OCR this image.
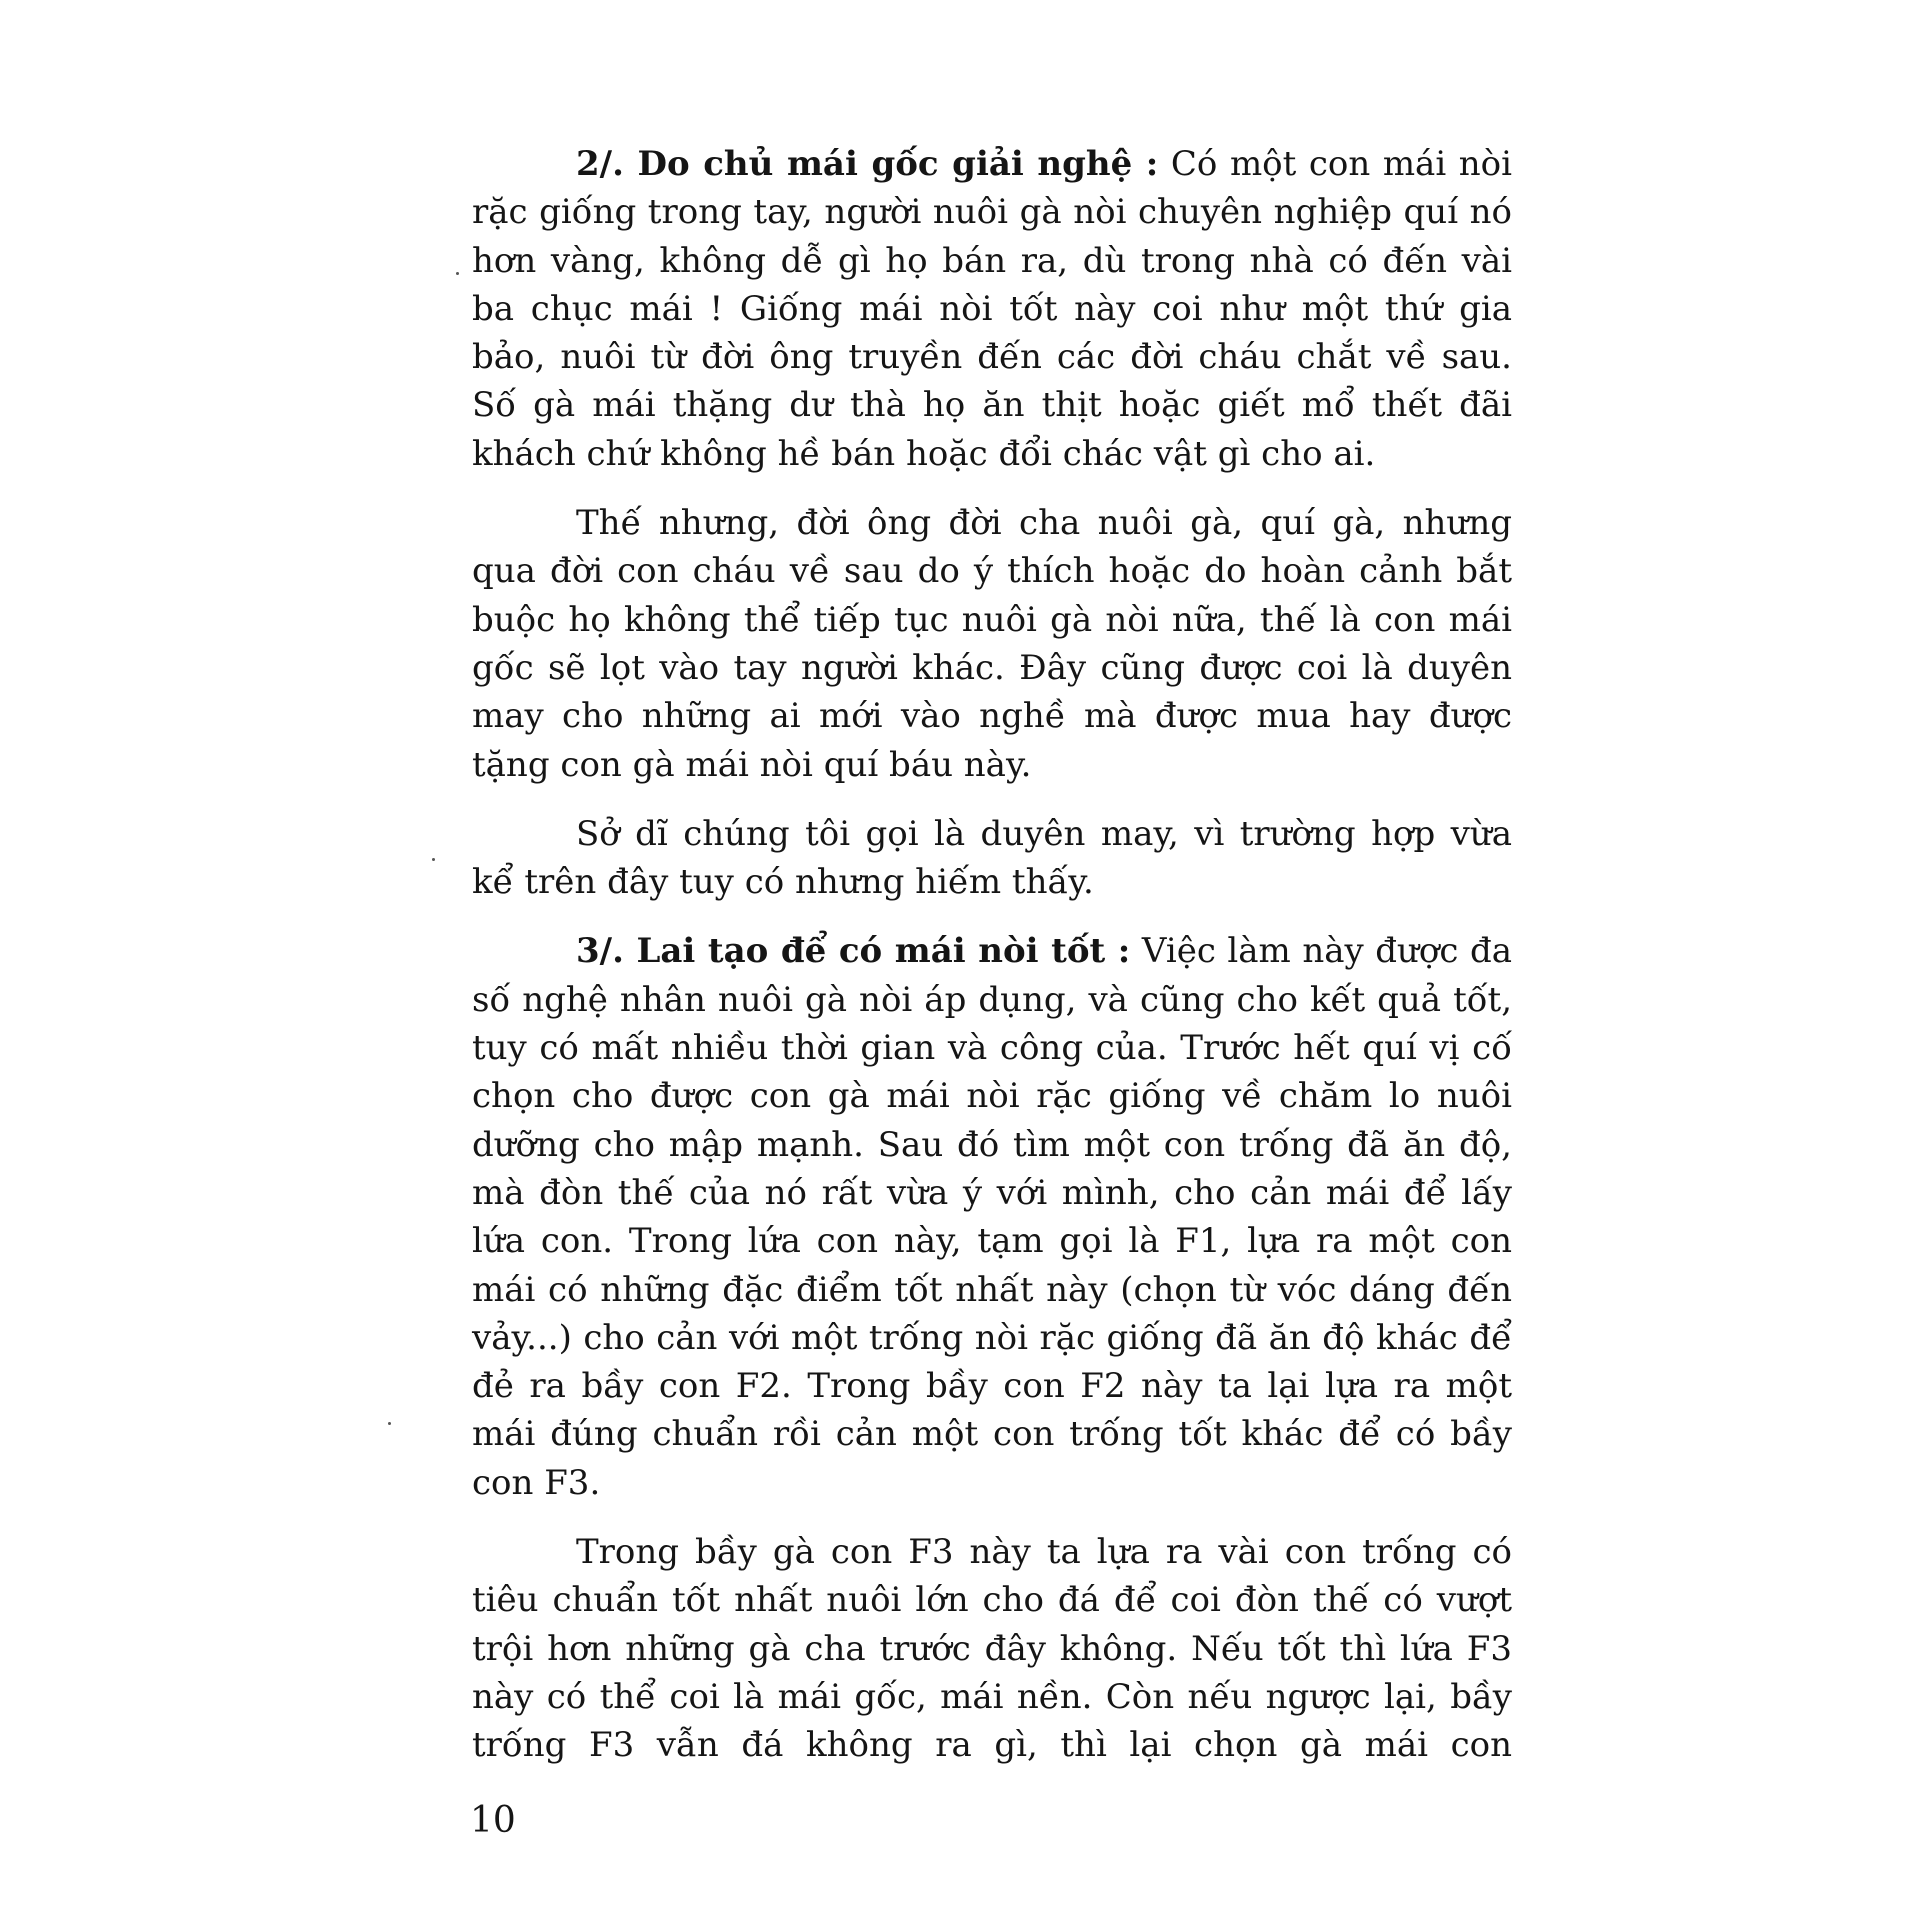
2/. Do chủ mái gốc giải nghệ : Có một con mái nòi rặc giống trong tay, người nuôi gà nòi chuyên nghiệp quí nó hơn vàng, không dễ gì họ bán ra, dù trong nhà có đến vài ba chục mái ! Giống mái nòi tốt này coi như một thứ gia bảo, nuôi từ đời ông truyền đến các đời cháu chắt về sau. Số gà mái thặng dư thà họ ăn thịt hoặc giết mổ thết đãi khách chứ không hề bán hoặc đổi chác vật gì cho ai.

Thế nhưng, đời ông đời cha nuôi gà, quí gà, nhưng qua đời con cháu về sau do ý thích hoặc do hoàn cảnh bắt buộc họ không thể tiếp tục nuôi gà nòi nữa, thế là con mái gốc sẽ lọt vào tay người khác. Đây cũng được coi là duyên may cho những ai mới vào nghề mà được mua hay được tặng con gà mái nòi quí báu này.

Sở dĩ chúng tôi gọi là duyên may, vì trường hợp vừa kể trên đây tuy có nhưng hiếm thấy.

3/. Lai tạo để có mái nòi tốt : Việc làm này được đa số nghệ nhân nuôi gà nòi áp dụng, và cũng cho kết quả tốt, tuy có mất nhiều thời gian và công của. Trước hết quí vị cố chọn cho được con gà mái nòi rặc giống về chăm lo nuôi dưỡng cho mập mạnh. Sau đó tìm một con trống đã ăn độ, mà đòn thế của nó rất vừa ý với mình, cho cản mái để lấy lứa con. Trong lứa con này, tạm gọi là F1, lựa ra một con mái có những đặc điểm tốt nhất này (chọn từ vóc dáng đến vảy...) cho cản với một trống nòi rặc giống đã ăn độ khác để đẻ ra bầy con F2. Trong bầy con F2 này ta lại lựa ra một mái đúng chuẩn rồi cản một con trống tốt khác để có bầy con F3.

Trong bầy gà con F3 này ta lựa ra vài con trống có tiêu chuẩn tốt nhất nuôi lớn cho đá để coi đòn thế có vượt trội hơn những gà cha trước đây không. Nếu tốt thì lứa F3 này có thể coi là mái gốc, mái nền. Còn nếu ngược lại, bầy trống F3 vẫn đá không ra gì, thì lại chọn gà mái con

10
